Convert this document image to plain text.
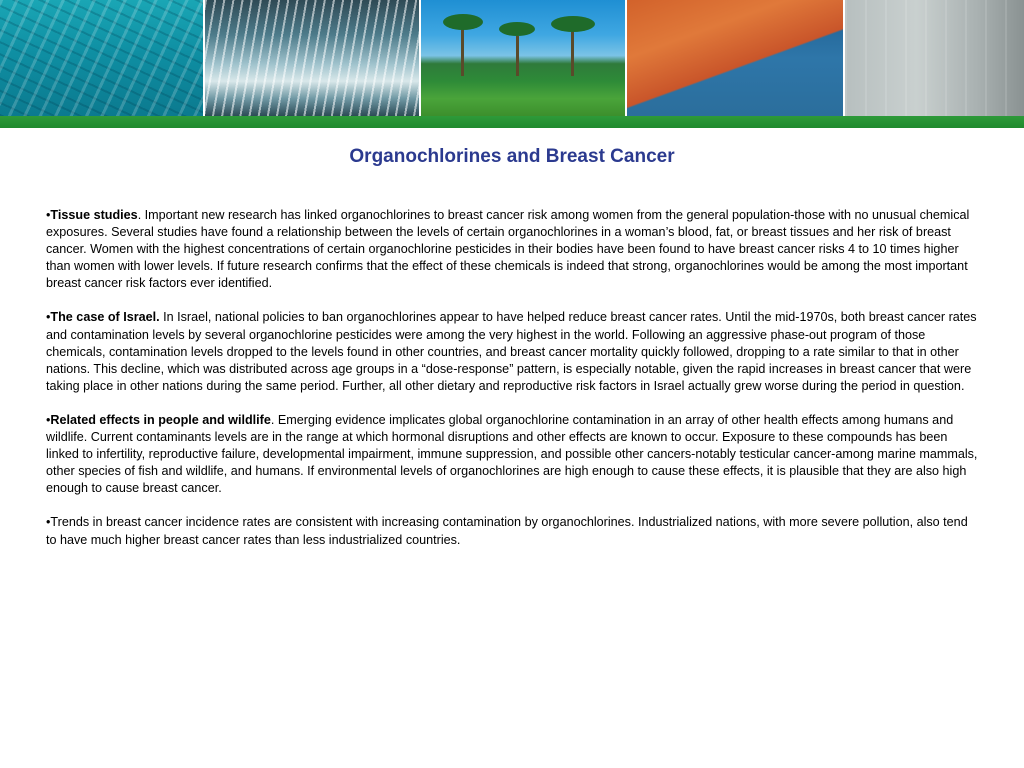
Organochlorines and Breast Cancer

•Tissue studies. Important new research has linked organochlorines to breast cancer risk among women from the general population-those with no unusual chemical exposures. Several studies have found a relationship between the levels of certain organochlorines in a woman’s blood, fat, or breast tissues and her risk of breast cancer. Women with the highest concentrations of certain organochlorine pesticides in their bodies have been found to have breast cancer risks 4 to 10 times higher than women with lower levels. If future research confirms that the effect of these chemicals is indeed that strong, organochlorines would be among the most important breast cancer risk factors ever identified.

•The case of Israel. In Israel, national policies to ban organochlorines appear to have helped reduce breast cancer rates. Until the mid-1970s, both breast cancer rates and contamination levels by several organochlorine pesticides were among the very highest in the world. Following an aggressive phase-out program of those chemicals, contamination levels dropped to the levels found in other countries, and breast cancer mortality quickly followed, dropping to a rate similar to that in other nations. This decline, which was distributed across age groups in a “dose-response” pattern, is especially notable, given the rapid increases in breast cancer that were taking place in other nations during the same period. Further, all other dietary and reproductive risk factors in Israel actually grew worse during the period in question.

•Related effects in people and wildlife. Emerging evidence implicates global organochlorine contamination in an array of other health effects among humans and wildlife. Current contaminants levels are in the range at which hormonal disruptions and other effects are known to occur. Exposure to these compounds has been linked to infertility, reproductive failure, developmental impairment, immune suppression, and possible other cancers-notably testicular cancer-among marine mammals, other species of fish and wildlife, and humans. If environmental levels of organochlorines are high enough to cause these effects, it is plausible that they are also high enough to cause breast cancer.

•Trends in breast cancer incidence rates are consistent with increasing contamination by organochlorines. Industrialized nations, with more severe pollution, also tend to have much higher breast cancer rates than less industrialized countries.
